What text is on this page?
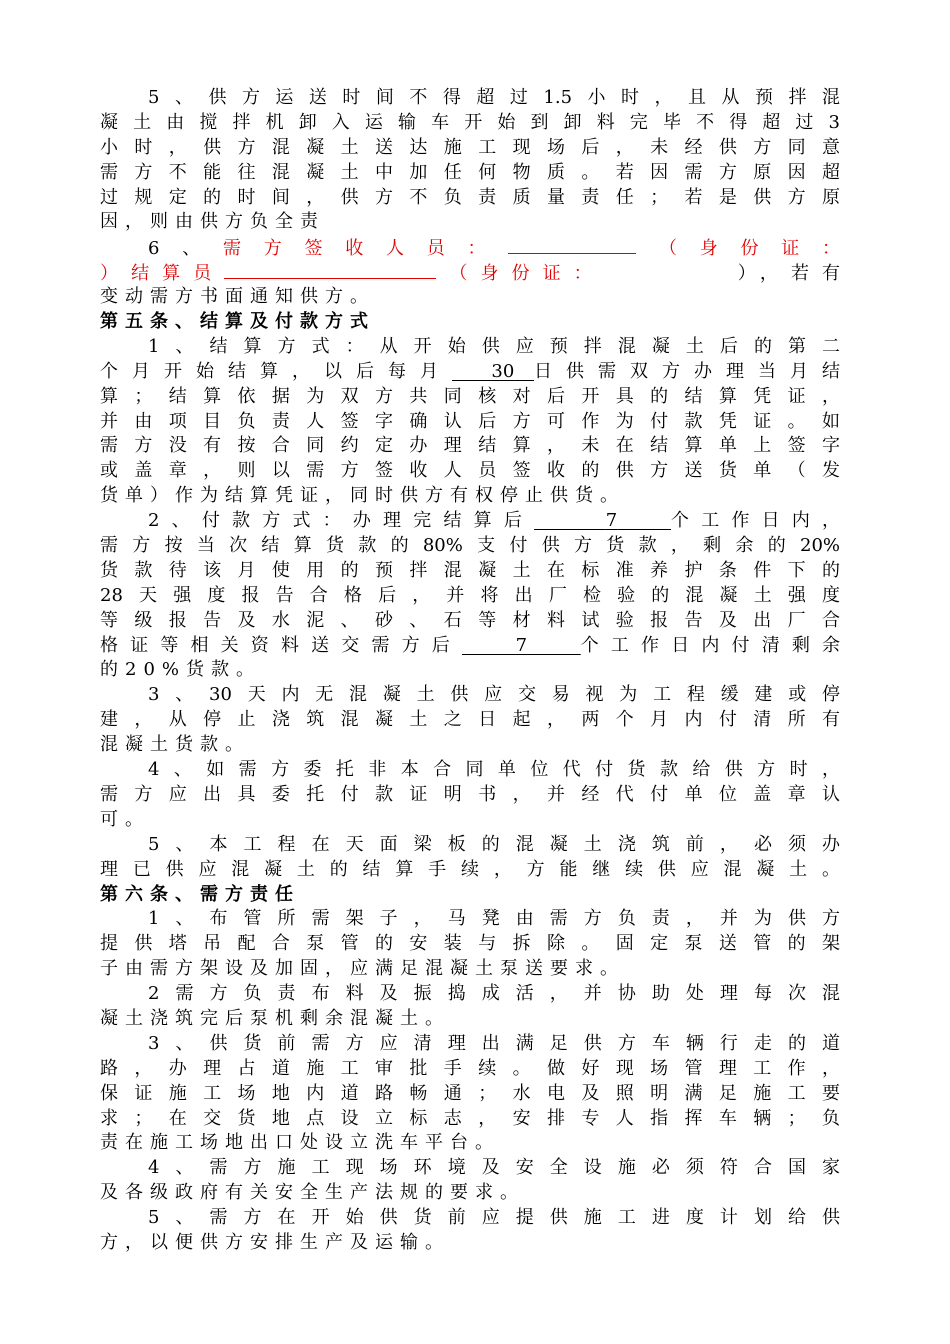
5、供方运送时间不得超过1.5小时，且从预拌混
凝土由搅拌机卸入运输车开始到卸料完毕不得超过3
小时，供方混凝土送达施工现场后，未经供方同意
需方不能往混凝土中加任何物质。若因需方原因超
过规定的时间，供方不负责质量责任；若是供方原
因，则由供方负全责
6、需方签收人员：	（身份证：
）结算员	（身份证：	），若有
变动需方书面通知供方。
第五条、结算及付款方式
1、结算方式：从开始供应预拌混凝土后的第二
个月开始结算，以后每月 30 日供需双方办理当月结
算；结算依据为双方共同核对后开具的结算凭证，
并由项目负责人签字确认后方可作为付款凭证。如
需方没有按合同约定办理结算，未在结算单上签字
或盖章，则以需方签收人员签收的供方送货单（发
货单）作为结算凭证，同时供方有权停止供货。
2、付款方式：办理完结算后	7	个工作日内，
需方按当次结算货款的80%支付供方货款，剩余的20%
货款待该月使用的预拌混凝土在标准养护条件下的
28天强度报告合格后，并将出厂检验的混凝土强度
等级报告及水泥、砂、石等材料试验报告及出厂合
格证等相关资料送交需方后	7	个工作日内付清剩余
的20%货款。
3、30天内无混凝土供应交易视为工程缓建或停
建，从停止浇筑混凝土之日起，两个月内付清所有
混凝土货款。
4、如需方委托非本合同单位代付货款给供方时，
需方应出具委托付款证明书，并经代付单位盖章认
可。
5、本工程在天面梁板的混凝土浇筑前，必须办
理已供应混凝土的结算手续，方能继续供应混凝土。
第六条、需方责任
1、布管所需架子，马凳由需方负责，并为供方
提供塔吊配合泵管的安装与拆除。固定泵送管的架
子由需方架设及加固，应满足混凝土泵送要求。
2需方负责布料及振捣成活，并协助处理每次混
凝土浇筑完后泵机剩余混凝土。
3、供货前需方应清理出满足供方车辆行走的道
路，办理占道施工审批手续。做好现场管理工作，
保证施工场地内道路畅通；水电及照明满足施工要
求；在交货地点设立标志，安排专人指挥车辆；负
责在施工场地出口处设立洗车平台。
4、需方施工现场环境及安全设施必须符合国家
及各级政府有关安全生产法规的要求。
5、需方在开始供货前应提供施工进度计划给供
方，以便供方安排生产及运输。
